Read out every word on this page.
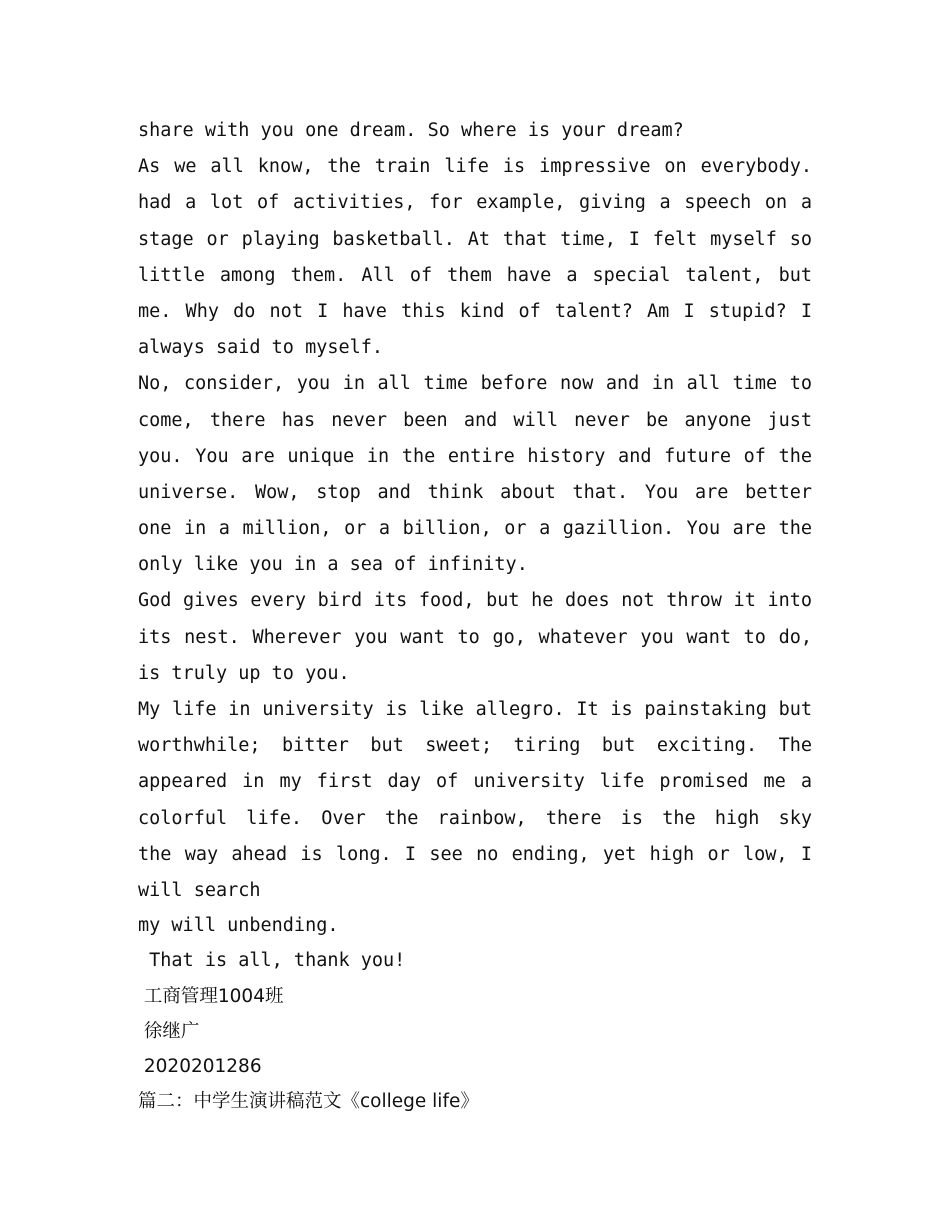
share with you one dream. So where is your dream?
As we all know, the train life is impressive on everybody.
had a lot of activities, for example, giving a speech on a
stage or playing basketball. At that time, I felt myself so
little among them. All of them have a special talent, but
me. Why do not I have this kind of talent? Am I stupid? I
always said to myself.
No, consider, you in all time before now and in all time to
come, there has never been and will never be anyone just
you. You are unique in the entire history and future of the
universe. Wow, stop and think about that. You are better
one in a million, or a billion, or a gazillion. You are the
only like you in a sea of infinity.
God gives every bird its food, but he does not throw it into
its nest. Wherever you want to go, whatever you want to do,
is truly up to you.
My life in university is like allegro. It is painstaking but
worthwhile; bitter but sweet; tiring but exciting. The
appeared in my first day of university life promised me a
colorful life. Over the rainbow, there is the high sky
the way ahead is long. I see no ending, yet high or low, I
will search
my will unbending.
That is all, thank you!
工商管理1004班
徐继广
2020201286
篇二：中学生演讲稿范文《college life》
